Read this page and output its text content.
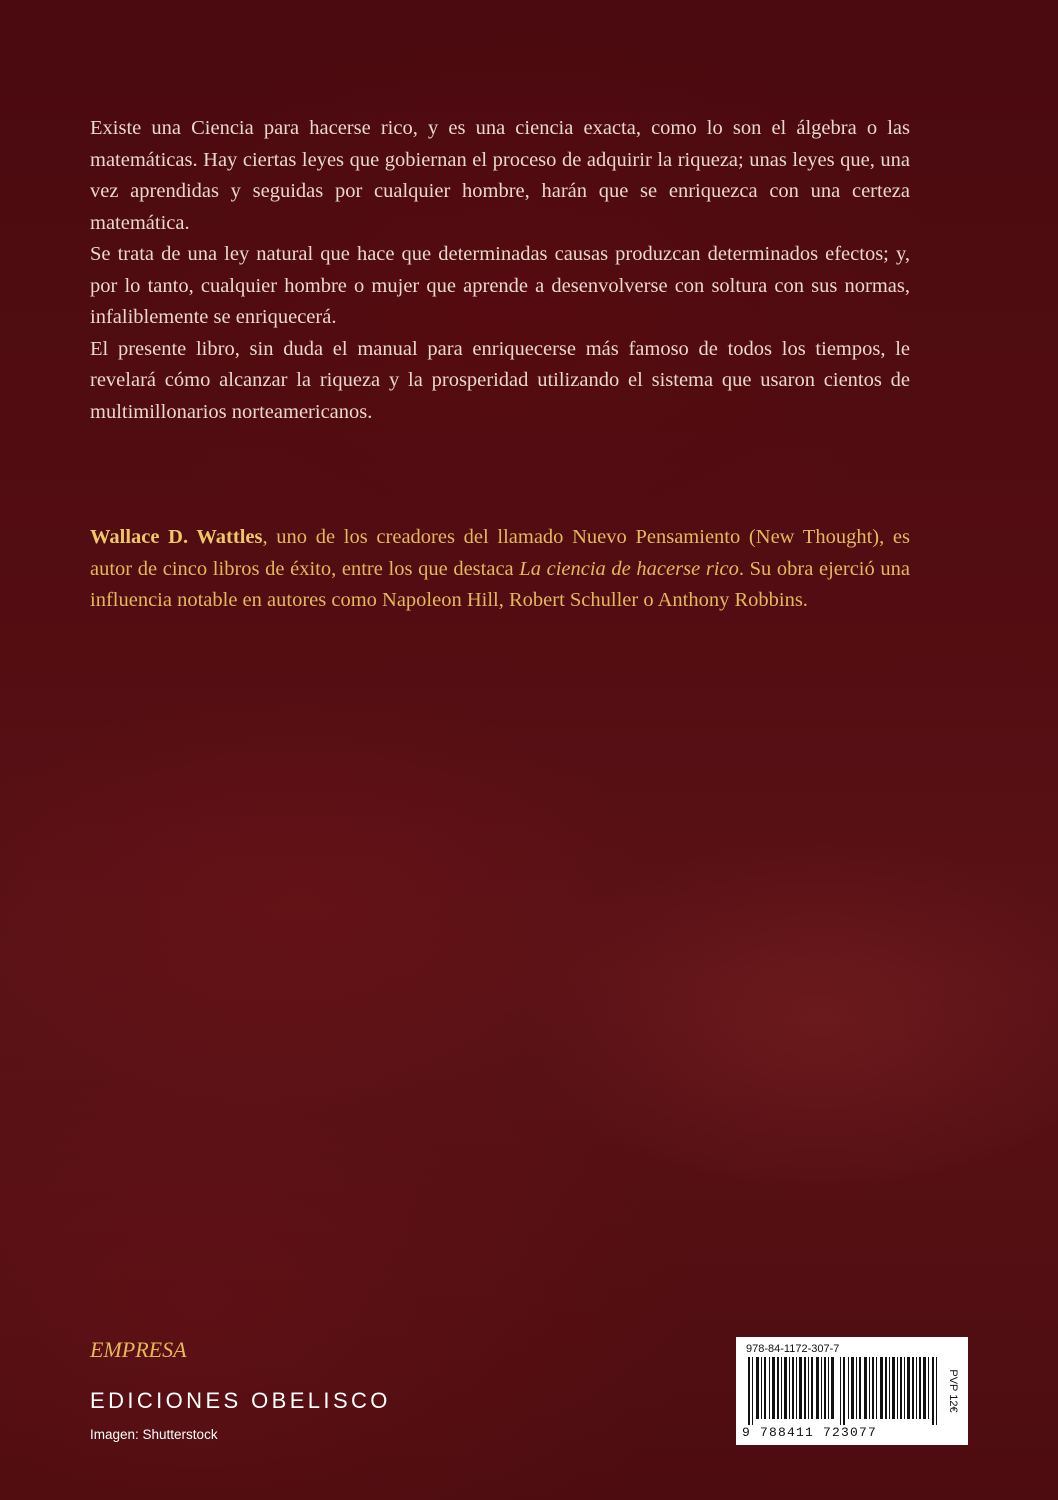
Existe una Ciencia para hacerse rico, y es una ciencia exacta, como lo son el álgebra o las matemáticas. Hay ciertas leyes que gobiernan el proceso de adquirir la riqueza; unas leyes que, una vez aprendidas y seguidas por cualquier hombre, harán que se enriquezca con una certeza matemática.

Se trata de una ley natural que hace que determinadas causas produzcan determinados efectos; y, por lo tanto, cualquier hombre o mujer que aprende a desenvolverse con soltura con sus normas, infaliblemente se enriquecerá.

El presente libro, sin duda el manual para enriquecerse más famoso de todos los tiempos, le revelará cómo alcanzar la riqueza y la prosperidad utilizando el sistema que usaron cientos de multimillonarios norteamericanos.

Wallace D. Wattles, uno de los creadores del llamado Nuevo Pensamiento (New Thought), es autor de cinco libros de éxito, entre los que destaca La ciencia de hacerse rico. Su obra ejerció una influencia notable en autores como Napoleon Hill, Robert Schuller o Anthony Robbins.

EMPRESA
EDICIONES OBELISCO
Imagen: Shutterstock
978-84-1172-307-7
9 788411 723077
PVP 12€
